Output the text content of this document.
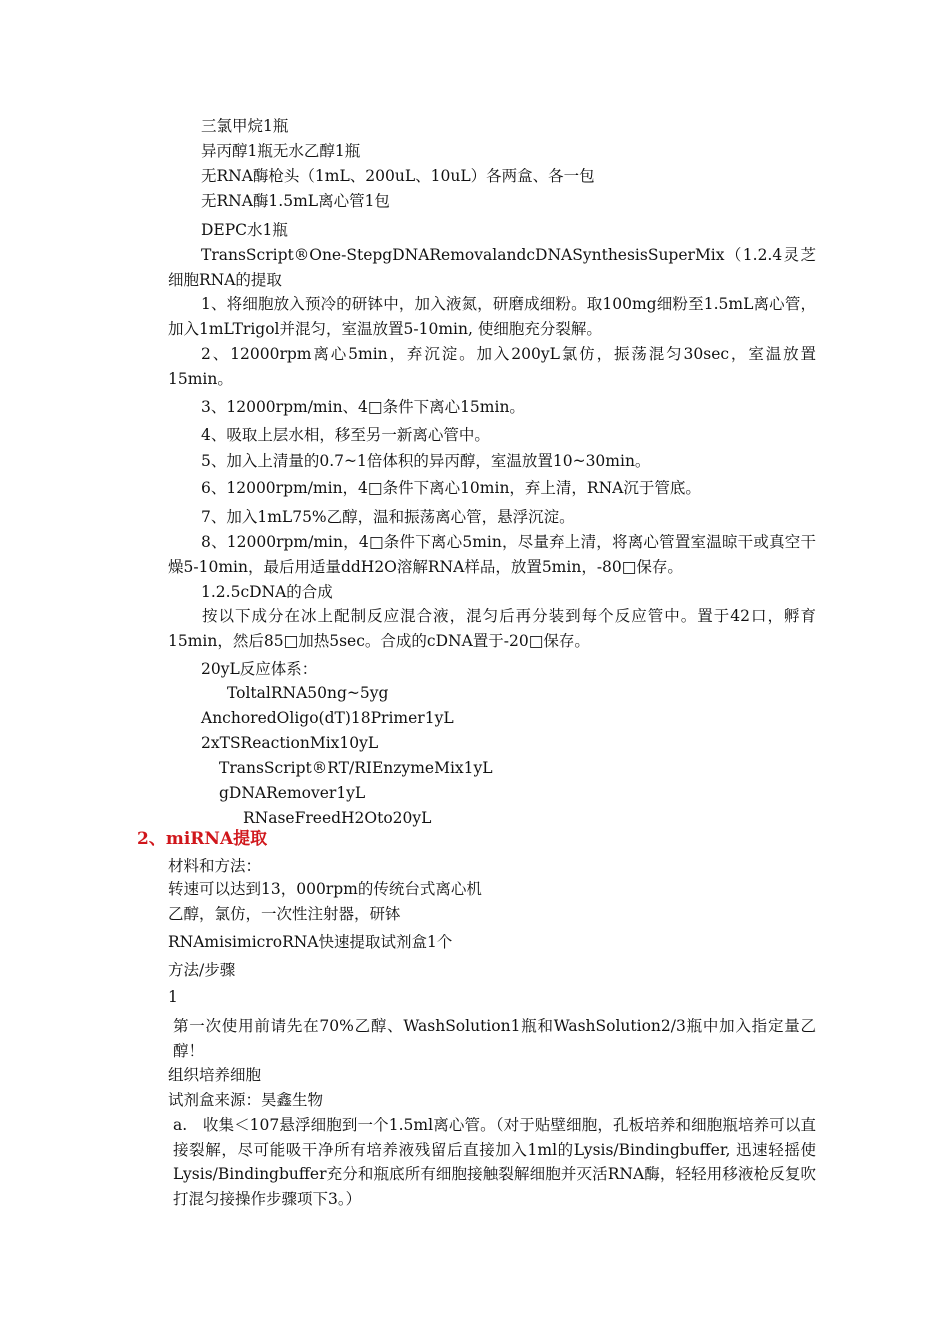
三氯甲烷1瓶
异丙醇1瓶无水乙醇1瓶
无RNA酶枪头（1mL、200uL、10uL）各两盒、各一包
无RNA酶1.5mL离心管1包
DEPC水1瓶
TransScript®One-StepgDNARemovalandcDNASynthesisSuperMix（1.2.4灵芝细胞RNA的提取
1、将细胞放入预冷的研钵中，加入液氮，研磨成细粉。取100mg细粉至1.5mL离心管，加入1mLTrigol并混匀，室温放置5-10min, 使细胞充分裂解。
2、12000rpm离心5min，弃沉淀。加入200yL氯仿，振荡混匀30sec，室温放置15min。
3、12000rpm/min、4□条件下离心15min。
4、吸取上层水相，移至另一新离心管中。
5、加入上清量的0.7~1倍体积的异丙醇，室温放置10~30min。
6、12000rpm/min，4□条件下离心10min，弃上清，RNA沉于管底。
7、加入1mL75%乙醇，温和振荡离心管，悬浮沉淀。
8、12000rpm/min，4□条件下离心5min，尽量弃上清，将离心管置室温晾干或真空干燥5-10min，最后用适量ddH2O溶解RNA样品，放置5min，-80□保存。
1.2.5cDNA的合成
按以下成分在冰上配制反应混合液，混匀后再分装到每个反应管中。置于42口，孵育15min，然后85□加热5sec。合成的cDNA置于-20□保存。
20yL反应体系：
ToltalRNA50ng~5yg
AnchoredOligo(dT)18Primer1yL
2xTSReactionMix10yL
TransScript®RT/RIEnzymeMix1yL
gDNARemover1yL
RNaseFreedH2Oto20yL
2、miRNA提取
材料和方法：
转速可以达到13，000rpm的传统台式离心机
乙醇，氯仿，一次性注射器，研钵
RNAmisimicroRNA快速提取试剂盒1个
方法/步骤
1
第一次使用前请先在70%乙醇、WashSolution1瓶和WashSolution2/3瓶中加入指定量乙醇！
组织培养细胞
试剂盒来源：昊鑫生物
a.　收集＜107悬浮细胞到一个1.5ml离心管。（对于贴壁细胞，孔板培养和细胞瓶培养可以直接裂解，尽可能吸干净所有培养液残留后直接加入1ml的Lysis/Bindingbuffer, 迅速轻摇使Lysis/Bindingbuffer充分和瓶底所有细胞接触裂解细胞并灭活RNA酶，轻轻用移液枪反复吹打混匀接操作步骤项下3。）
